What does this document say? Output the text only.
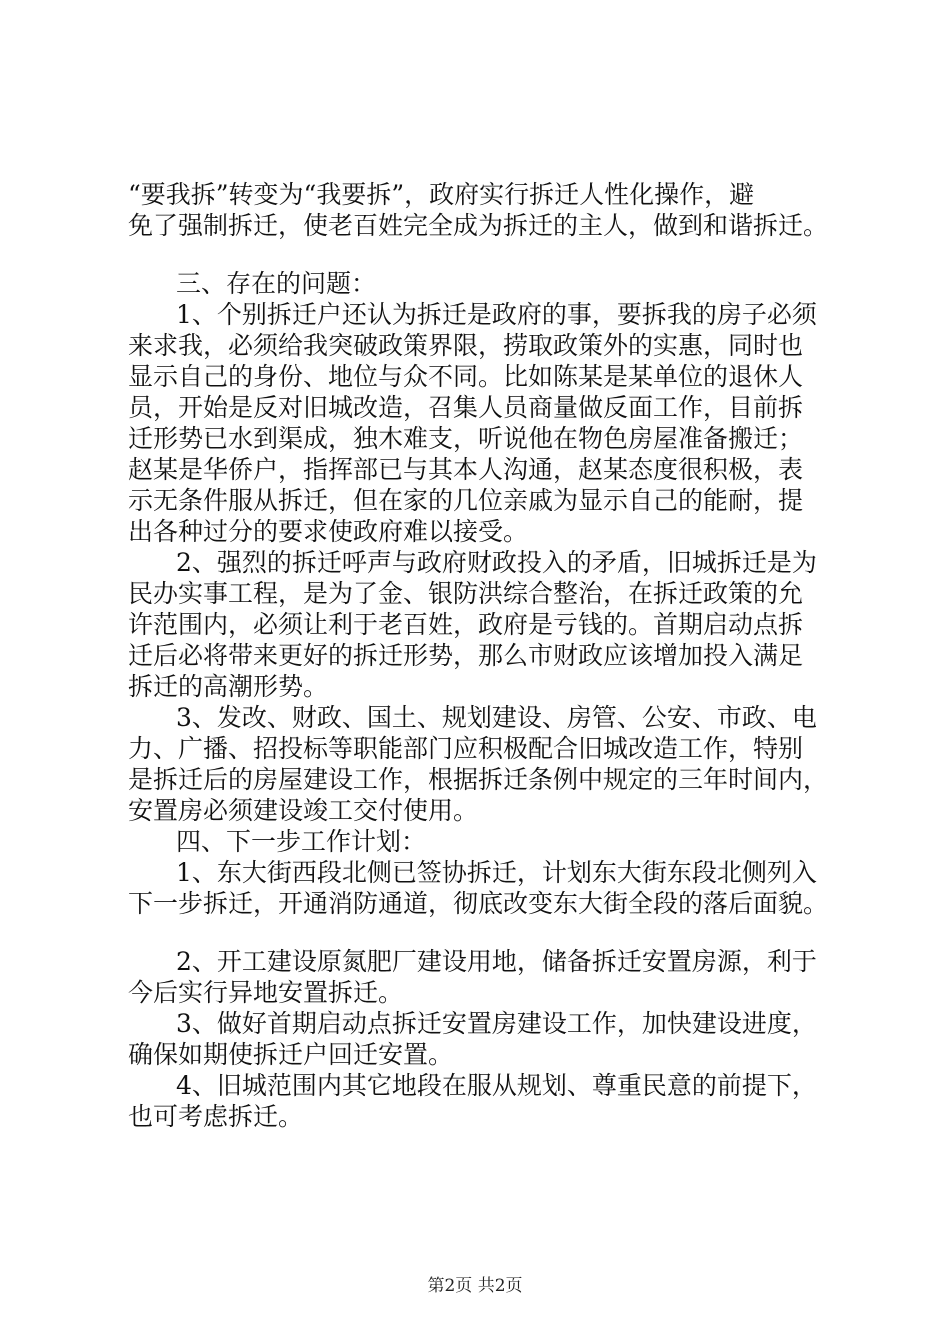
“要我拆”转变为“我要拆”，政府实行拆迁人性化操作，避
免了强制拆迁，使老百姓完全成为拆迁的主人，做到和谐拆迁。
三、存在的问题：
1、个别拆迁户还认为拆迁是政府的事，要拆我的房子必须
来求我，必须给我突破政策界限，捞取政策外的实惠，同时也
显示自己的身份、地位与众不同。比如陈某是某单位的退休人
员，开始是反对旧城改造，召集人员商量做反面工作，目前拆
迁形势已水到渠成，独木难支，听说他在物色房屋准备搬迁；
赵某是华侨户，指挥部已与其本人沟通，赵某态度很积极，表
示无条件服从拆迁，但在家的几位亲戚为显示自己的能耐，提
出各种过分的要求使政府难以接受。
2、强烈的拆迁呼声与政府财政投入的矛盾，旧城拆迁是为
民办实事工程，是为了金、银防洪综合整治，在拆迁政策的允
许范围内，必须让利于老百姓，政府是亏钱的。首期启动点拆
迁后必将带来更好的拆迁形势，那么市财政应该增加投入满足
拆迁的高潮形势。
3、发改、财政、国土、规划建设、房管、公安、市政、电
力、广播、招投标等职能部门应积极配合旧城改造工作，特别
是拆迁后的房屋建设工作，根据拆迁条例中规定的三年时间内，
安置房必须建设竣工交付使用。
四、下一步工作计划：
1、东大街西段北侧已签协拆迁，计划东大街东段北侧列入
下一步拆迁，开通消防通道，彻底改变东大街全段的落后面貌。
2、开工建设原氮肥厂建设用地，储备拆迁安置房源，利于
今后实行异地安置拆迁。
3、做好首期启动点拆迁安置房建设工作，加快建设进度，
确保如期使拆迁户回迁安置。
4、旧城范围内其它地段在服从规划、尊重民意的前提下，
也可考虑拆迁。
第2页 共2页
